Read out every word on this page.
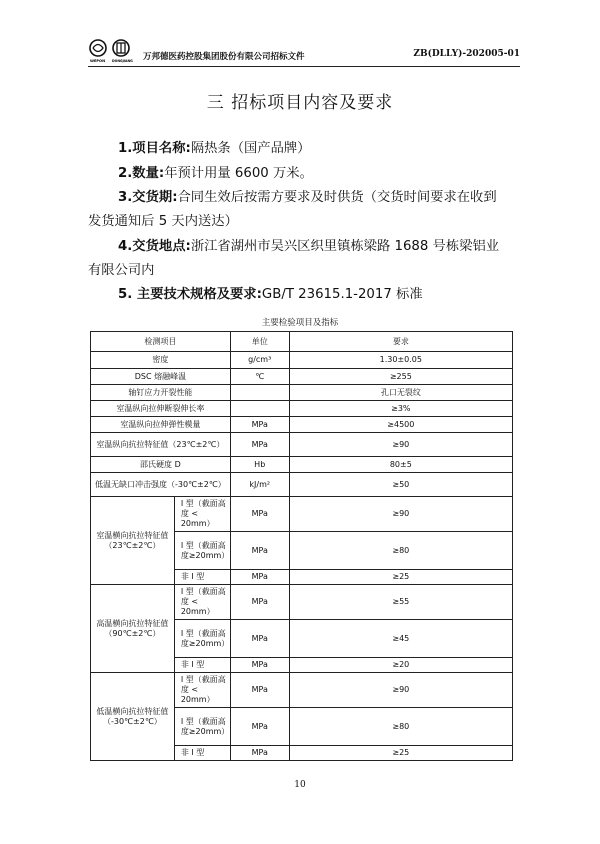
WEPON DONGJIANG 万邦德医药控股集团股份有限公司招标文件	ZB(DLLY)-202005-01
三 招标项目内容及要求
1.项目名称:隔热条（国产品牌）
2.数量:年预计用量 6600 万米。
3.交货期:合同生效后按需方要求及时供货（交货时间要求在收到
发货通知后 5 天内送达）
4.交货地点:浙江省湖州市吴兴区织里镇栋梁路 1688 号栋梁铝业
有限公司内
5. 主要技术规格及要求:GB/T 23615.1-2017 标准
主要检验项目及指标
检测项目		单位	要求
密度		g/cm³	1.30±0.05
DSC 熔融峰温		℃	≥255
轴钉应力开裂性能			孔口无裂纹
室温纵向拉伸断裂伸长率			≥3%
室温纵向拉伸弹性模量		MPa	≥4500
室温纵向抗拉特征值（23℃±2℃）		MPa	≥90
邵氏硬度 D		Hb	80±5
低温无缺口冲击强度（-30℃±2℃）		kJ/m²	≥50
室温横向抗拉特征值（23℃±2℃）	I 型（截面高度 < 20mm）	MPa	≥90
	I 型（截面高度≥20mm）	MPa	≥80
	非 I 型	MPa	≥25
高温横向抗拉特征值（90℃±2℃）	I 型（截面高度 < 20mm）	MPa	≥55
	I 型（截面高度≥20mm）	MPa	≥45
	非 I 型	MPa	≥20
低温横向抗拉特征值（-30℃±2℃）	I 型（截面高度 < 20mm）	MPa	≥90
	I 型（截面高度≥20mm）	MPa	≥80
	非 I 型	MPa	≥25
10
